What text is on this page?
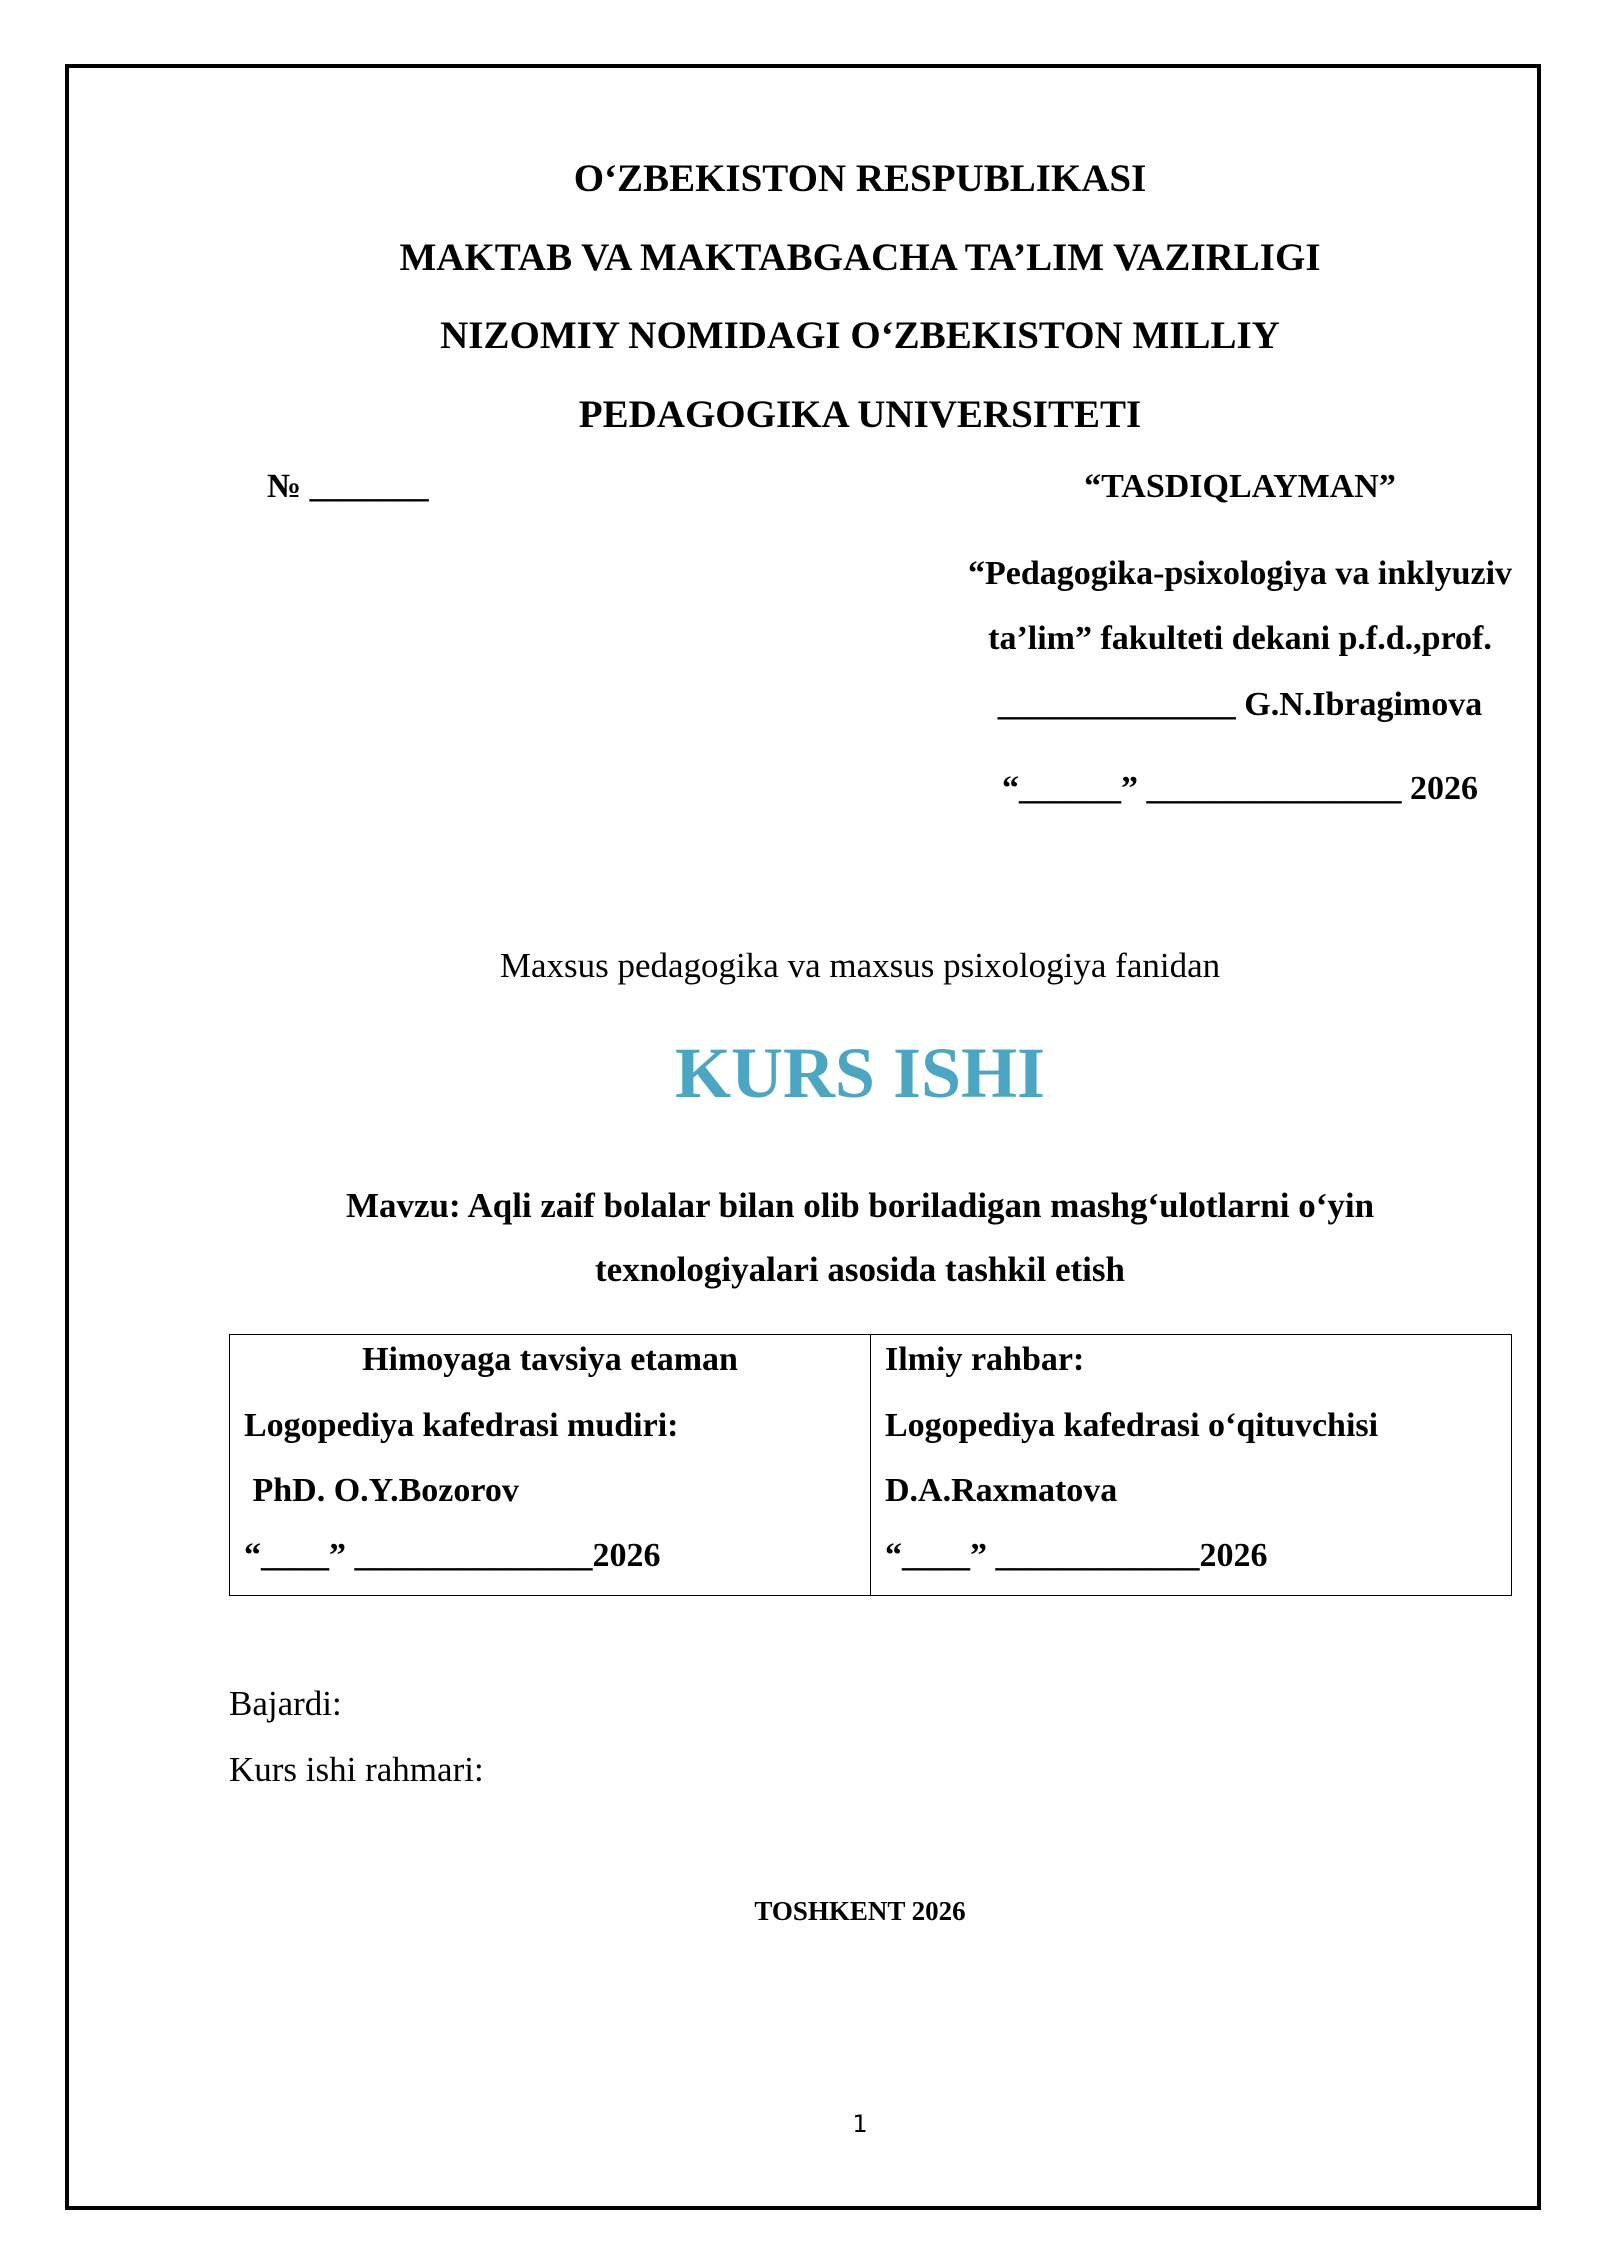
O‘ZBEKISTON RESPUBLIKASI
MAKTAB VA MAKTABGACHA TA’LIM VAZIRLIGI
NIZOMIY NOMIDAGI O‘ZBEKISTON MILLIY
PEDAGOGIKA UNIVERSITETI
№ _______	“TASDIQLAYMAN”
“Pedagogika-psixologiya va inklyuziv
ta’lim” fakulteti dekani p.f.d.,prof.
______________ G.N.Ibragimova
“______” _______________ 2026
Maxsus pedagogika va maxsus psixologiya fanidan
KURS ISHI
Mavzu: Aqli zaif bolalar bilan olib boriladigan mashg‘ulotlarni o‘yin
texnologiyalari asosida tashkil etish
Himoyaga tavsiya etaman
Logopediya kafedrasi mudiri:
PhD. O.Y.Bozorov
“____” ______________2026
Ilmiy rahbar:
Logopediya kafedrasi o‘qituvchisi
D.A.Raxmatova
“____” ____________2026
Bajardi:
Kurs ishi rahmari:
TOSHKENT 2026
1
